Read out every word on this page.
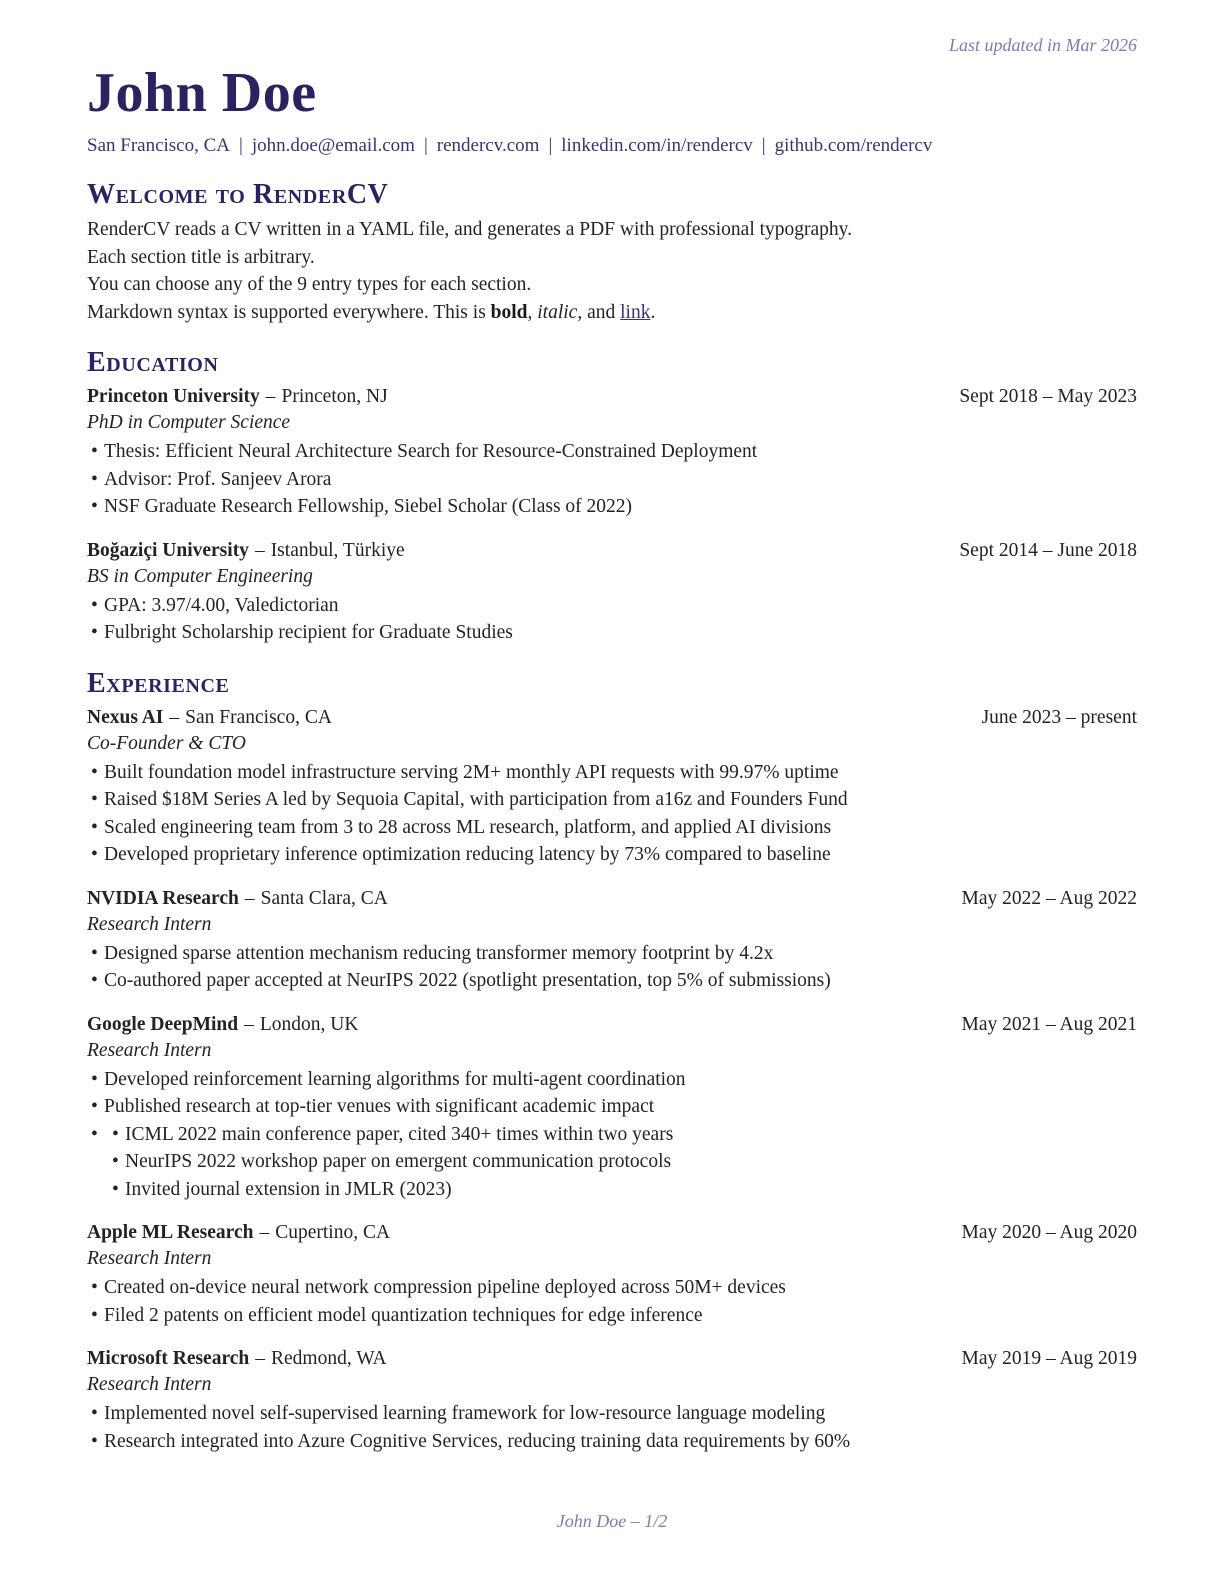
Last updated in Mar 2026
John Doe
San Francisco, CA | john.doe@email.com | rendercv.com | linkedin.com/in/rendercv | github.com/rendercv
Welcome to RenderCV
RenderCV reads a CV written in a YAML file, and generates a PDF with professional typography.
Each section title is arbitrary.
You can choose any of the 9 entry types for each section.
Markdown syntax is supported everywhere. This is bold, italic, and link.
Education
Princeton University – Princeton, NJ	Sept 2018 – May 2023
PhD in Computer Science
• Thesis: Efficient Neural Architecture Search for Resource-Constrained Deployment
• Advisor: Prof. Sanjeev Arora
• NSF Graduate Research Fellowship, Siebel Scholar (Class of 2022)
Boğaziçi University – Istanbul, Türkiye	Sept 2014 – June 2018
BS in Computer Engineering
• GPA: 3.97/4.00, Valedictorian
• Fulbright Scholarship recipient for Graduate Studies
Experience
Nexus AI – San Francisco, CA	June 2023 – present
Co-Founder & CTO
• Built foundation model infrastructure serving 2M+ monthly API requests with 99.97% uptime
• Raised $18M Series A led by Sequoia Capital, with participation from a16z and Founders Fund
• Scaled engineering team from 3 to 28 across ML research, platform, and applied AI divisions
• Developed proprietary inference optimization reducing latency by 73% compared to baseline
NVIDIA Research – Santa Clara, CA	May 2022 – Aug 2022
Research Intern
• Designed sparse attention mechanism reducing transformer memory footprint by 4.2x
• Co-authored paper accepted at NeurIPS 2022 (spotlight presentation, top 5% of submissions)
Google DeepMind – London, UK	May 2021 – Aug 2021
Research Intern
• Developed reinforcement learning algorithms for multi-agent coordination
• Published research at top-tier venues with significant academic impact
• • ICML 2022 main conference paper, cited 340+ times within two years
• NeurIPS 2022 workshop paper on emergent communication protocols
• Invited journal extension in JMLR (2023)
Apple ML Research – Cupertino, CA	May 2020 – Aug 2020
Research Intern
• Created on-device neural network compression pipeline deployed across 50M+ devices
• Filed 2 patents on efficient model quantization techniques for edge inference
Microsoft Research – Redmond, WA	May 2019 – Aug 2019
Research Intern
• Implemented novel self-supervised learning framework for low-resource language modeling
• Research integrated into Azure Cognitive Services, reducing training data requirements by 60%
John Doe – 1/2
